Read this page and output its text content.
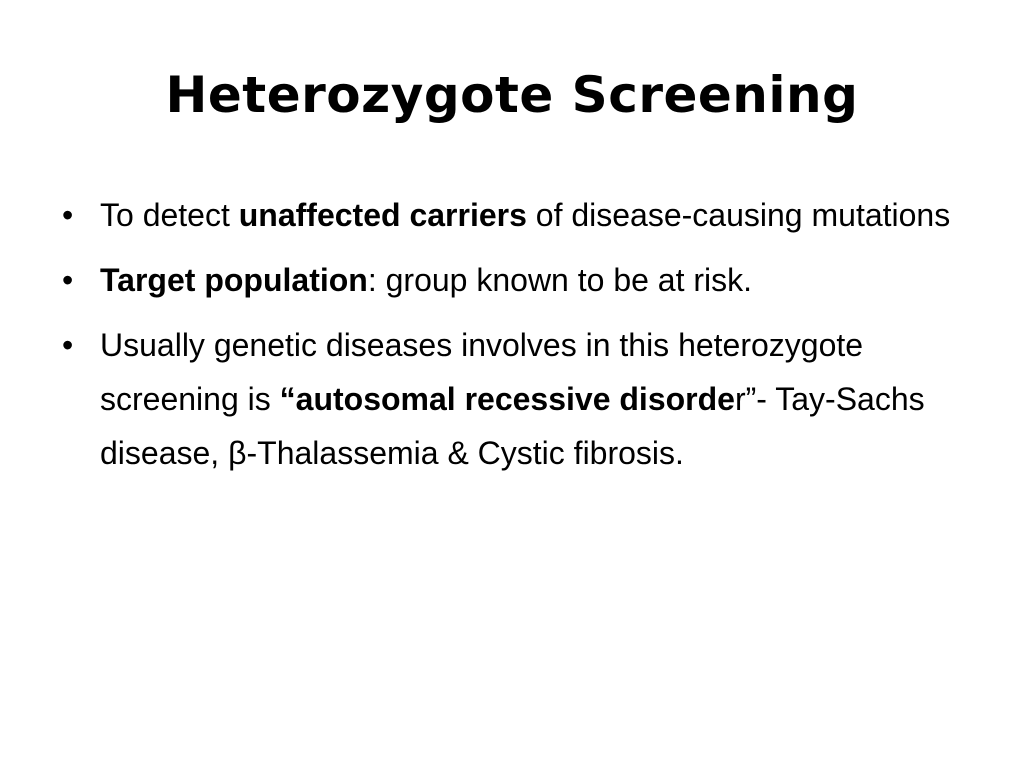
Heterozygote Screening
• To detect unaffected carriers of disease-causing mutations
• Target population: group known to be at risk.
• Usually genetic diseases involves in this heterozygote screening is “autosomal recessive disorder”- Tay-Sachs disease, β-Thalassemia & Cystic fibrosis.
